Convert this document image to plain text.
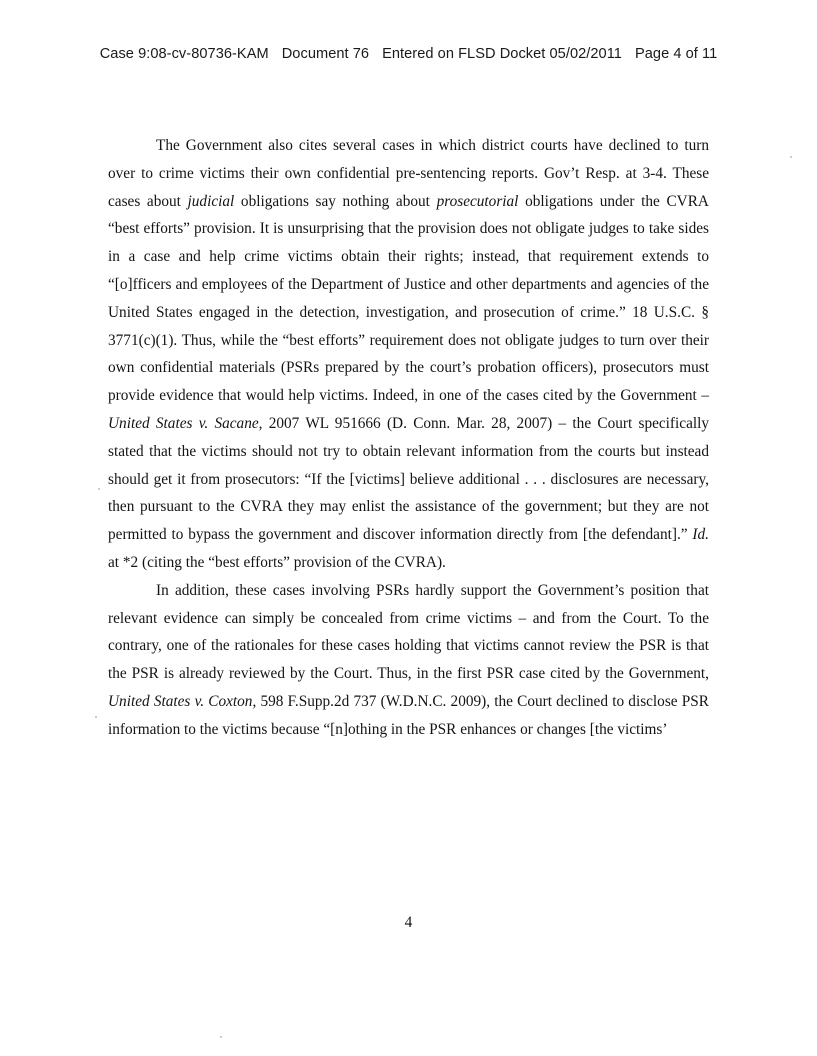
Case 9:08-cv-80736-KAM Document 76 Entered on FLSD Docket 05/02/2011 Page 4 of 11

The Government also cites several cases in which district courts have declined to turn over to crime victims their own confidential pre-sentencing reports. Gov’t Resp. at 3-4. These cases about judicial obligations say nothing about prosecutorial obligations under the CVRA “best efforts” provision. It is unsurprising that the provision does not obligate judges to take sides in a case and help crime victims obtain their rights; instead, that requirement extends to “[o]fficers and employees of the Department of Justice and other departments and agencies of the United States engaged in the detection, investigation, and prosecution of crime.” 18 U.S.C. § 3771(c)(1). Thus, while the “best efforts” requirement does not obligate judges to turn over their own confidential materials (PSRs prepared by the court’s probation officers), prosecutors must provide evidence that would help victims. Indeed, in one of the cases cited by the Government – United States v. Sacane, 2007 WL 951666 (D. Conn. Mar. 28, 2007) – the Court specifically stated that the victims should not try to obtain relevant information from the courts but instead should get it from prosecutors: “If the [victims] believe additional . . . disclosures are necessary, then pursuant to the CVRA they may enlist the assistance of the government; but they are not permitted to bypass the government and discover information directly from [the defendant].” Id. at *2 (citing the “best efforts” provision of the CVRA).

In addition, these cases involving PSRs hardly support the Government’s position that relevant evidence can simply be concealed from crime victims – and from the Court. To the contrary, one of the rationales for these cases holding that victims cannot review the PSR is that the PSR is already reviewed by the Court. Thus, in the first PSR case cited by the Government, United States v. Coxton, 598 F.Supp.2d 737 (W.D.N.C. 2009), the Court declined to disclose PSR information to the victims because “[n]othing in the PSR enhances or changes [the victims’

4
